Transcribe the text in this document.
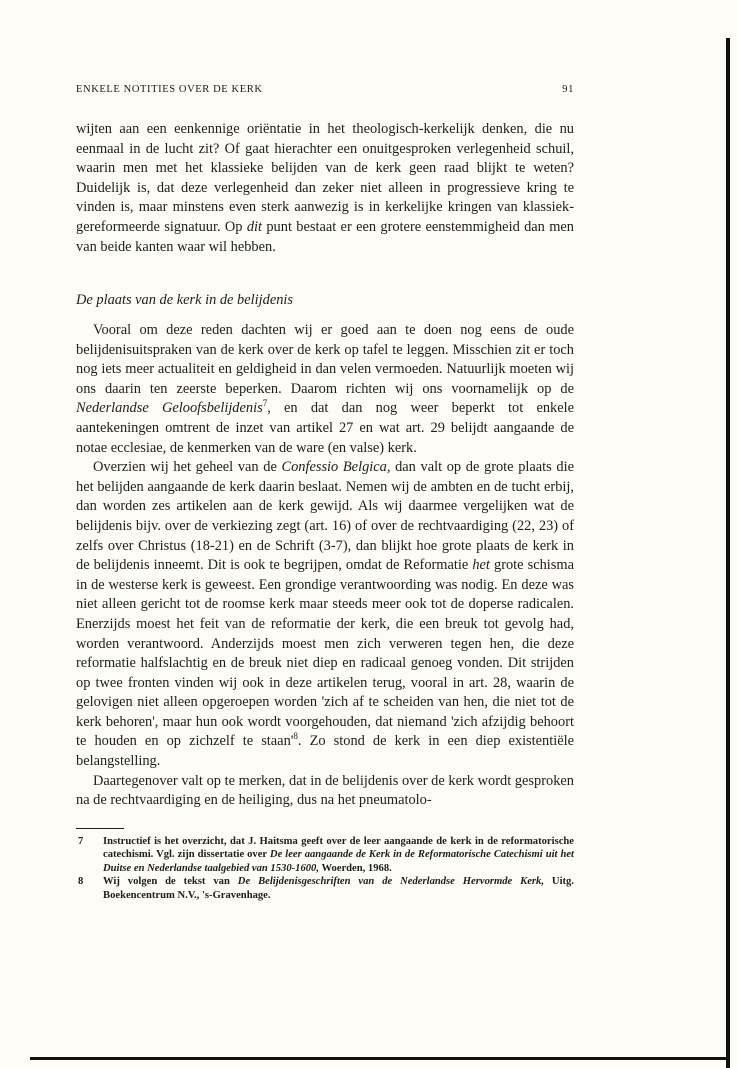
ENKELE NOTITIES OVER DE KERK	91

wijten aan een eenkennige oriëntatie in het theologisch-kerkelijk denken, die nu eenmaal in de lucht zit? Of gaat hierachter een onuitgesproken verlegenheid schuil, waarin men met het klassieke belijden van de kerk geen raad blijkt te weten? Duidelijk is, dat deze verlegenheid dan zeker niet alleen in progressieve kring te vinden is, maar minstens even sterk aanwezig is in kerkelijke kringen van klassiek-gereformeerde signatuur. Op dit punt bestaat er een grotere eenstemmigheid dan men van beide kanten waar wil hebben.

De plaats van de kerk in de belijdenis

Vooral om deze reden dachten wij er goed aan te doen nog eens de oude belijdenisuitspraken van de kerk over de kerk op tafel te leggen. Misschien zit er toch nog iets meer actualiteit en geldigheid in dan velen vermoeden. Natuurlijk moeten wij ons daarin ten zeerste beperken. Daarom richten wij ons voornamelijk op de Nederlandse Geloofsbelijdenis$^7$, en dat dan nog weer beperkt tot enkele aantekeningen omtrent de inzet van artikel 27 en wat art. 29 belijdt aangaande de notae ecclesiae, de kenmerken van de ware (en valse) kerk.

Overzien wij het geheel van de Confessio Belgica, dan valt op de grote plaats die het belijden aangaande de kerk daarin beslaat. Nemen wij de ambten en de tucht erbij, dan worden zes artikelen aan de kerk gewijd. Als wij daarmee vergelijken wat de belijdenis bijv. over de verkiezing zegt (art. 16) of over de rechtvaardiging (22, 23) of zelfs over Christus (18-21) en de Schrift (3-7), dan blijkt hoe grote plaats de kerk in de belijdenis inneemt. Dit is ook te begrijpen, omdat de Reformatie het grote schisma in de westerse kerk is geweest. Een grondige verantwoording was nodig. En deze was niet alleen gericht tot de roomse kerk maar steeds meer ook tot de doperse radicalen. Enerzijds moest het feit van de reformatie der kerk, die een breuk tot gevolg had, worden verantwoord. Anderzijds moest men zich verweren tegen hen, die deze reformatie halfslachtig en de breuk niet diep en radicaal genoeg vonden. Dit strijden op twee fronten vinden wij ook in deze artikelen terug, vooral in art. 28, waarin de gelovigen niet alleen opgeroepen worden 'zich af te scheiden van hen, die niet tot de kerk behoren', maar hun ook wordt voorgehouden, dat niemand 'zich afzijdig behoort te houden en op zichzelf te $staan'^8$. Zo stond de kerk in een diep existentiële belangstelling.

Daartegenover valt op te merken, dat in de belijdenis over de kerk wordt gesproken na de rechtvaardiging en de heiliging, dus na het pneumatolo-

7	Instructief is het overzicht, dat J. Haitsma geeft over de leer aangaande de kerk in de reformatorische catechismi. Vgl. zijn dissertatie over De leer aangaande de Kerk in de Reformatorische Catechismi uit het Duitse en Nederlandse taalgebied van 1530-1600, Woerden, 1968.

8	Wij volgen de tekst van De Belijdenisgeschriften van de Nederlandse Hervormde Kerk, Uitg. Boekencentrum N.V., 's-Gravenhage.
